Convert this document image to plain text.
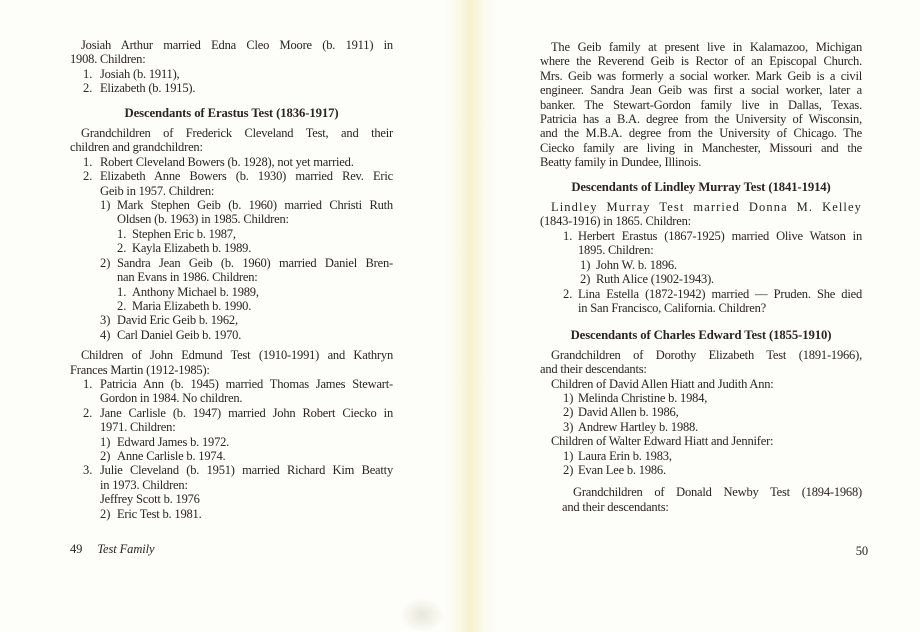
Josiah Arthur married Edna Cleo Moore (b. 1911) in
1908. Children:
1. Josiah (b. 1911),
2. Elizabeth (b. 1915).
Descendants of Erastus Test (1836-1917)
Grandchildren of Frederick Cleveland Test, and their
children and grandchildren:
1. Robert Cleveland Bowers (b. 1928), not yet married.
2. Elizabeth Anne Bowers (b. 1930) married Rev. Eric
Geib in 1957. Children:
1) Mark Stephen Geib (b. 1960) married Christi Ruth
Oldsen (b. 1963) in 1985. Children:
1. Stephen Eric b. 1987,
2. Kayla Elizabeth b. 1989.
2) Sandra Jean Geib (b. 1960) married Daniel Bren-
nan Evans in 1986. Children:
1. Anthony Michael b. 1989,
2. Maria Elizabeth b. 1990.
3) David Eric Geib b. 1962,
4) Carl Daniel Geib b. 1970.
Children of John Edmund Test (1910-1991) and Kathryn
Frances Martin (1912-1985):
1. Patricia Ann (b. 1945) married Thomas James Stewart-
Gordon in 1984. No children.
2. Jane Carlisle (b. 1947) married John Robert Ciecko in
1971. Children:
1) Edward James b. 1972.
2) Anne Carlisle b. 1974.
3. Julie Cleveland (b. 1951) married Richard Kim Beatty
in 1973. Children:
Jeffrey Scott b. 1976
2) Eric Test b. 1981.
49 Test Family
The Geib family at present live in Kalamazoo, Michigan
where the Reverend Geib is Rector of an Episcopal Church.
Mrs. Geib was formerly a social worker. Mark Geib is a civil
engineer. Sandra Jean Geib was first a social worker, later a
banker. The Stewart-Gordon family live in Dallas, Texas.
Patricia has a B.A. degree from the University of Wisconsin,
and the M.B.A. degree from the University of Chicago. The
Ciecko family are living in Manchester, Missouri and the
Beatty family in Dundee, Illinois.
Descendants of Lindley Murray Test (1841-1914)
Lindley Murray Test married Donna M. Kelley
(1843-1916) in 1865. Children:
1. Herbert Erastus (1867-1925) married Olive Watson in
1895. Children:
1) John W. b. 1896.
2) Ruth Alice (1902-1943).
2. Lina Estella (1872-1942) married — Pruden. She died
in San Francisco, California. Children?
Descendants of Charles Edward Test (1855-1910)
Grandchildren of Dorothy Elizabeth Test (1891-1966),
and their descendants:
Children of David Allen Hiatt and Judith Ann:
1) Melinda Christine b. 1984,
2) David Allen b. 1986,
3) Andrew Hartley b. 1988.
Children of Walter Edward Hiatt and Jennifer:
1) Laura Erin b. 1983,
2) Evan Lee b. 1986.
Grandchildren of Donald Newby Test (1894-1968)
and their descendants:
50
